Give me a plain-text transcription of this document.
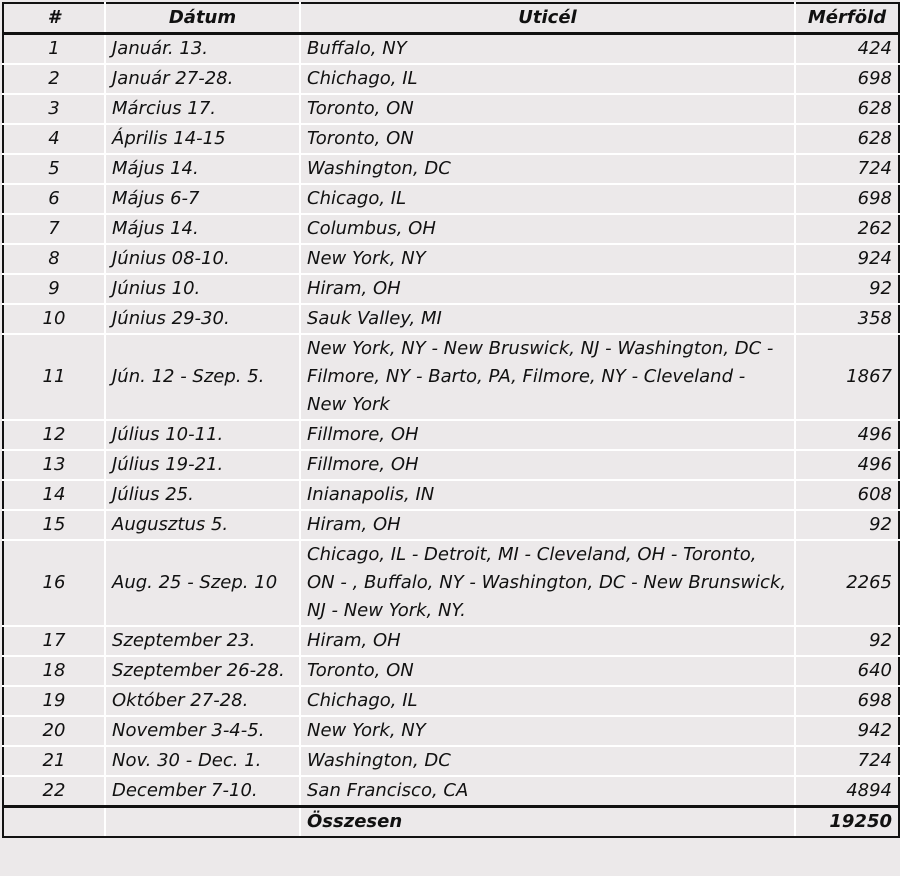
#	Dátum	Uticél	Mérföld
1	Január. 13.	Buffalo, NY	424
2	Január 27-28.	Chichago, IL	698
3	Március 17.	Toronto, ON	628
4	Április 14-15	Toronto, ON	628
5	Május 14.	Washington, DC	724
6	Május 6-7	Chicago, IL	698
7	Május 14.	Columbus, OH	262
8	Június 08-10.	New York, NY	924
9	Június 10.	Hiram, OH	92
10	Június 29-30.	Sauk Valley, MI	358
11	Jún. 12 - Szep. 5.	New York, NY - New Bruswick, NJ - Washington, DC - Filmore, NY - Barto, PA, Filmore, NY - Cleveland - New York	1867
12	Július 10-11.	Fillmore, OH	496
13	Július 19-21.	Fillmore, OH	496
14	Július 25.	Inianapolis, IN	608
15	Augusztus 5.	Hiram, OH	92
16	Aug. 25 - Szep. 10	Chicago, IL - Detroit, MI - Cleveland, OH - Toronto, ON - , Buffalo, NY - Washington, DC - New Brunswick, NJ - New York, NY.	2265
17	Szeptember 23.	Hiram, OH	92
18	Szeptember 26-28.	Toronto, ON	640
19	Október 27-28.	Chichago, IL	698
20	November 3-4-5.	New York, NY	942
21	Nov. 30 - Dec. 1.	Washington, DC	724
22	December 7-10.	San Francisco, CA	4894
		Összesen	19250
